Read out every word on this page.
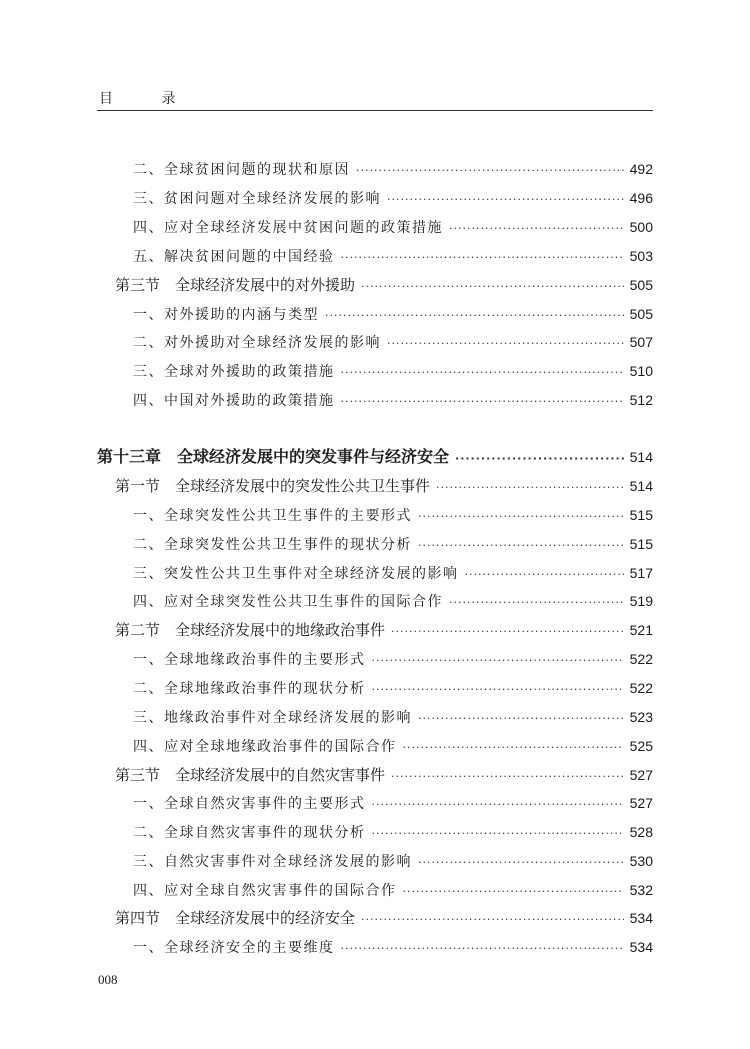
目 录
二、全球贫困问题的现状和原因 ·····	492
三、贫困问题对全球经济发展的影响 ·····	496
四、应对全球经济发展中贫困问题的政策措施 ·····	500
五、解决贫困问题的中国经验 ·····	503
第三节　全球经济发展中的对外援助 ·····	505
一、对外援助的内涵与类型 ·····	505
二、对外援助对全球经济发展的影响 ·····	507
三、全球对外援助的政策措施 ·····	510
四、中国对外援助的政策措施 ·····	512
第十三章　全球经济发展中的突发事件与经济安全 ·····	514
第一节　全球经济发展中的突发性公共卫生事件 ·····	514
一、全球突发性公共卫生事件的主要形式 ·····	515
二、全球突发性公共卫生事件的现状分析 ·····	515
三、突发性公共卫生事件对全球经济发展的影响 ·····	517
四、应对全球突发性公共卫生事件的国际合作 ·····	519
第二节　全球经济发展中的地缘政治事件 ·····	521
一、全球地缘政治事件的主要形式 ·····	522
二、全球地缘政治事件的现状分析 ·····	522
三、地缘政治事件对全球经济发展的影响 ·····	523
四、应对全球地缘政治事件的国际合作 ·····	525
第三节　全球经济发展中的自然灾害事件 ·····	527
一、全球自然灾害事件的主要形式 ·····	527
二、全球自然灾害事件的现状分析 ·····	528
三、自然灾害事件对全球经济发展的影响 ·····	530
四、应对全球自然灾害事件的国际合作 ·····	532
第四节　全球经济发展中的经济安全 ·····	534
一、全球经济安全的主要维度 ·····	534
008
